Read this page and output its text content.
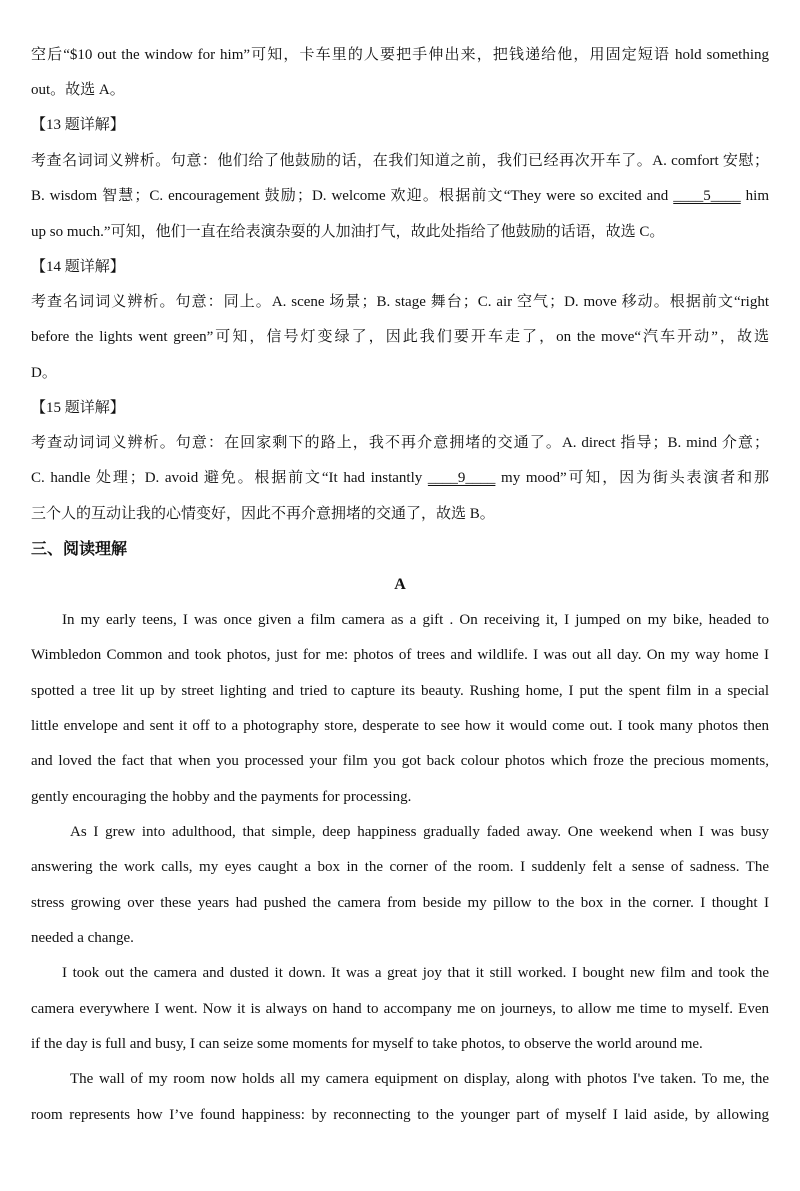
空后“$10 out the window for him”可知，卡车里的人要把手伸出来，把钱递给他，用固定短语 hold something

out。故选 A。

【13 题详解】

考查名词词义辨析。句意：他们给了他鼓励的话，在我们知道之前，我们已经再次开车了。A. comfort 安慰；

B. wisdom 智慧；C. encouragement 鼓励；D. welcome 欢迎。根据前文“They were so excited and ____5____ him

up so much.”可知，他们一直在给表演杂耍的人加油打气，故此处指给了他鼓励的话语，故选 C。

【14 题详解】

考查名词词义辨析。句意：同上。A. scene 场景；B. stage 舞台；C. air 空气；D. move 移动。根据前文“right

before the lights went green”可知，信号灯变绿了，因此我们要开车走了，on the move“汽车开动”，故选

D。

【15 题详解】

考查动词词义辨析。句意：在回家剩下的路上，我不再介意拥堵的交通了。A. direct 指导；B. mind 介意；

C. handle 处理；D. avoid 避免。根据前文“It had instantly ____9____ my mood”可知，因为街头表演者和那

三个人的互动让我的心情变好，因此不再介意拥堵的交通了，故选 B。

三、阅读理解

A

In my early teens, I was once given a film camera as a gift . On receiving it, I jumped on my bike, headed to

Wimbledon Common and took photos, just for me: photos of trees and wildlife. I was out all day. On my way home I

spotted a tree lit up by street lighting and tried to capture its beauty. Rushing home, I put the spent film in a special

little envelope and sent it off to a photography store, desperate to see how it would come out. I took many photos then

and loved the fact that when you processed your film you got back colour photos which froze the precious moments,

gently encouraging the hobby and the payments for processing.

As I grew into adulthood, that simple, deep happiness gradually faded away. One weekend when I was busy

answering the work calls, my eyes caught a box in the corner of the room. I suddenly felt a sense of sadness. The

stress growing over these years had pushed the camera from beside my pillow to the box in the corner. I thought I

needed a change.

I took out the camera and dusted it down. It was a great joy that it still worked. I bought new film and took the

camera everywhere I went. Now it is always on hand to accompany me on journeys, to allow me time to myself. Even

if the day is full and busy, I can seize some moments for myself to take photos, to observe the world around me.

The wall of my room now holds all my camera equipment on display, along with photos I've taken. To me, the

room represents how I’ve found happiness: by reconnecting to the younger part of myself I laid aside, by allowing
